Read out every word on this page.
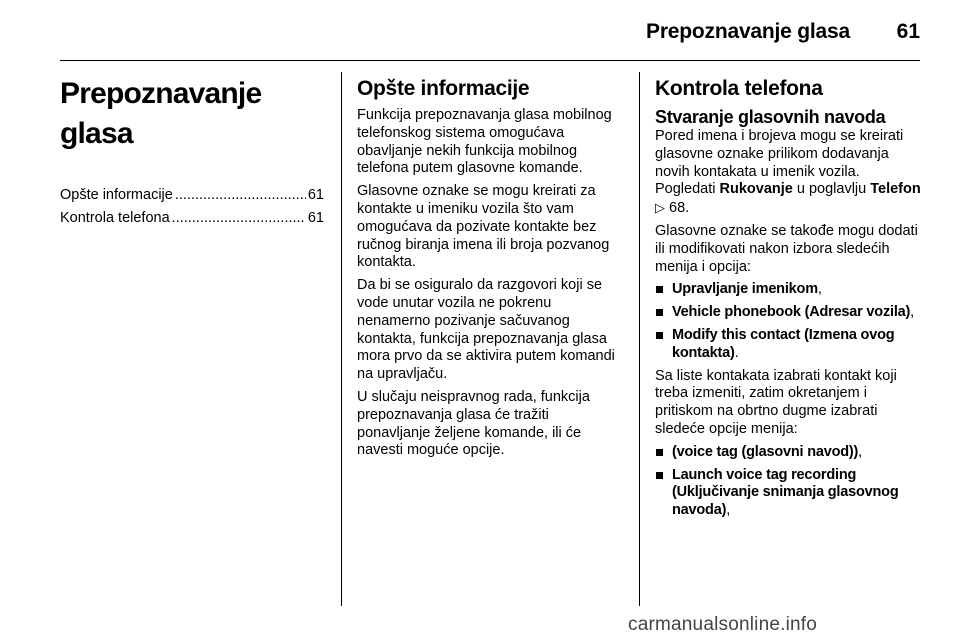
Prepoznavanje glasa	61
Prepoznavanje glasa
Opšte informacije .....	61
Kontrola telefona .....	61
Opšte informacije

Funkcija prepoznavanja glasa mobilnog telefonskog sistema omogućava obavljanje nekih funkcija mobilnog telefona putem glasovne komande.

Glasovne oznake se mogu kreirati za kontakte u imeniku vozila što vam omogućava da pozivate kontakte bez ručnog biranja imena ili broja pozvanog kontakta.

Da bi se osiguralo da razgovori koji se vode unutar vozila ne pokrenu nenamerno pozivanje sačuvanog kontakta, funkcija prepoznavanja glasa mora prvo da se aktivira putem komandi na upravljaču.

U slučaju neispravnog rada, funkcija prepoznavanja glasa će tražiti ponavljanje željene komande, ili će navesti moguće opcije.

Kontrola telefona
Stvaranje glasovnih navoda

Pored imena i brojeva mogu se kreirati glasovne oznake prilikom dodavanja novih kontakata u imenik vozila. Pogledati Rukovanje u poglavlju Telefon ▷ 68.

Glasovne oznake se takođe mogu dodati ili modifikovati nakon izbora sledećih menija i opcija:

Upravljanje imenikom,
Vehicle phonebook (Adresar vozila),
Modify this contact (Izmena ovog kontakta).

Sa liste kontakata izabrati kontakt koji treba izmeniti, zatim okretanjem i pritiskom na obrtno dugme izabrati sledeće opcije menija:

(voice tag (glasovni navod)),
Launch voice tag recording (Uključivanje snimanja glasovnog navoda),
carmanualsonline.info
